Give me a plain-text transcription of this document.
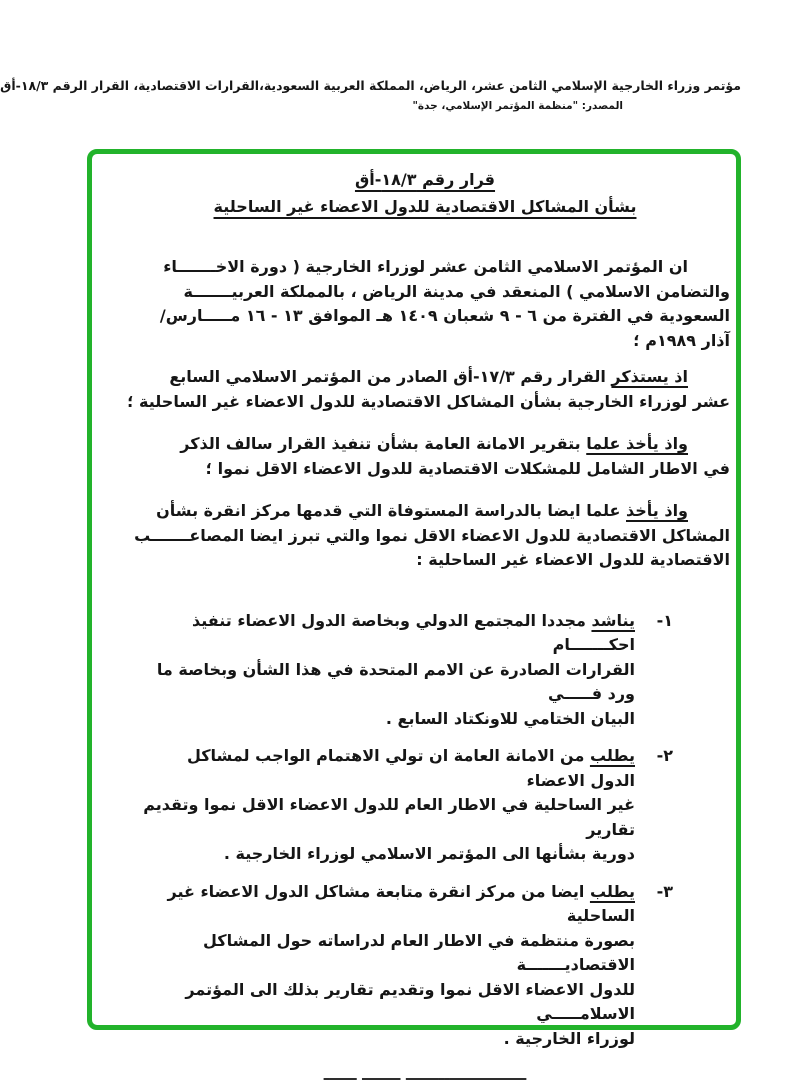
مؤتمر وزراء الخارجية الإسلامي الثامن عشر، الرياض، المملكة العربية السعودية،القرارات الاقتصادية، القرار الرقم ١٨/٣-أق
المصدر: "منظمة المؤتمر الإسلامي، جدة"
قرار رقم ١٨/٣-أق
بشأن المشاكل الاقتصادية للدول الاعضاء غير الساحلية

ان المؤتمر الاسلامي الثامن عشر لوزراء الخارجية ( دورة الاخـــــــاء
والتضامن الاسلامي ) المنعقد في مدينة الرياض ، بالمملكة العربيـــــــة
السعودية في الفترة من ٦ - ٩ شعبان ١٤٠٩ هـ الموافق ١٣ - ١٦ مـــــارس/
آذار ١٩٨٩م ؛

اذ يستذكر القرار رقم ١٧/٣-أق الصادر من المؤتمر الاسلامي السابع
عشر لوزراء الخارجية بشأن المشاكل الاقتصادية للدول الاعضاء غير الساحلية ؛

واذ يأخذ علما بتقرير الامانة العامة بشأن تنفيذ القرار سالف الذكر
في الاطار الشامل للمشكلات الاقتصادية للدول الاعضاء الاقل نموا ؛

واذ يأخذ علما ايضا بالدراسة المستوفاة التي قدمها مركز انقرة بشأن
المشاكل الاقتصادية للدول الاعضاء الاقل نموا والتي تبرز ايضا المصاعـــــــب
الاقتصادية للدول الاعضاء غير الساحلية :

١-
يناشد مجددا المجتمع الدولي وبخاصة الدول الاعضاء تنفيذ احكـــــــام
القرارات الصادرة عن الامم المتحدة في هذا الشأن وبخاصة ما ورد فـــــي
البيان الختامي للاونكتاد السابع .
٢-
يطلب من الامانة العامة ان تولي الاهتمام الواجب لمشاكل الدول الاعضاء
غير الساحلية في الاطار العام للدول الاعضاء الاقل نموا وتقديم تقارير
دورية بشأنها الى المؤتمر الاسلامي لوزراء الخارجية .
٣-
يطلب ايضا من مركز انقرة متابعة مشاكل الدول الاعضاء غير الساحلية
بصورة منتظمة في الاطار العام لدراساته حول المشاكل الاقتصاديـــــــة
للدول الاعضاء الاقل نموا وتقديم تقارير بذلك الى المؤتمر الاسلامـــــي
لوزراء الخارجية .
ــــــــــــــــــــــ ـــــــ ــــــ
